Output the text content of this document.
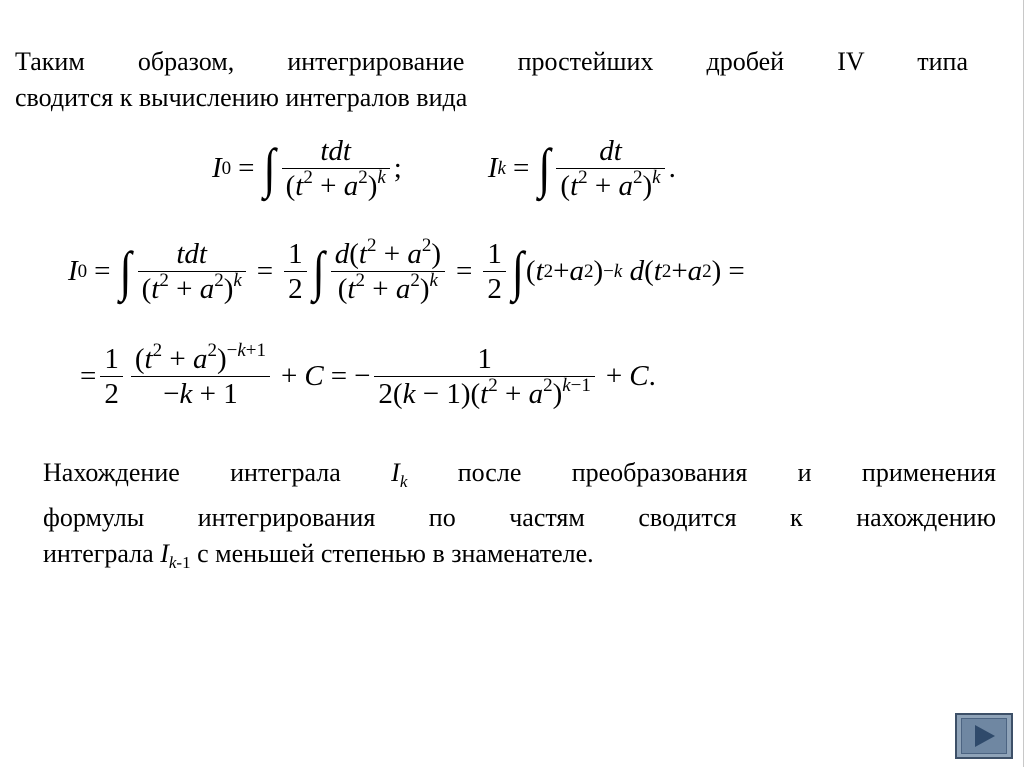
Таким образом, интегрирование простейших дробей IV типа
сводится к вычислению интегралов вида
I 0 = ∫ $\frac{\text{tdt}}{(t^2 + a^2)^k}$ ;	I k = ∫ $\frac{dt}{(t^2 + a^2)^k}$ .
I 0 = ∫ $\frac{\text{tdt}}{(t^2 + a^2)^k} = \frac{1}{2}$ ∫ $\frac{d(t^2 + a^2)}{(t^2 + a^2)^k} = \frac{1}{2}$ ∫ ( t 2 + a 2 ) −k
d ( t 2 + a 2 ) =
= $\frac{1}{2} \frac{(t^2 + a^2)^{-k+1}}{-k + 1} + C$ = − $\frac{1}{2(k - 1)(t^2 + a^2)^{k-1}} + C$ .
Нахождение интеграла $I_k$ после преобразования и применения
формулы интегрирования по частям сводится к нахождению
интеграла $I_{k-1}$ с меньшей степенью в знаменателе.
